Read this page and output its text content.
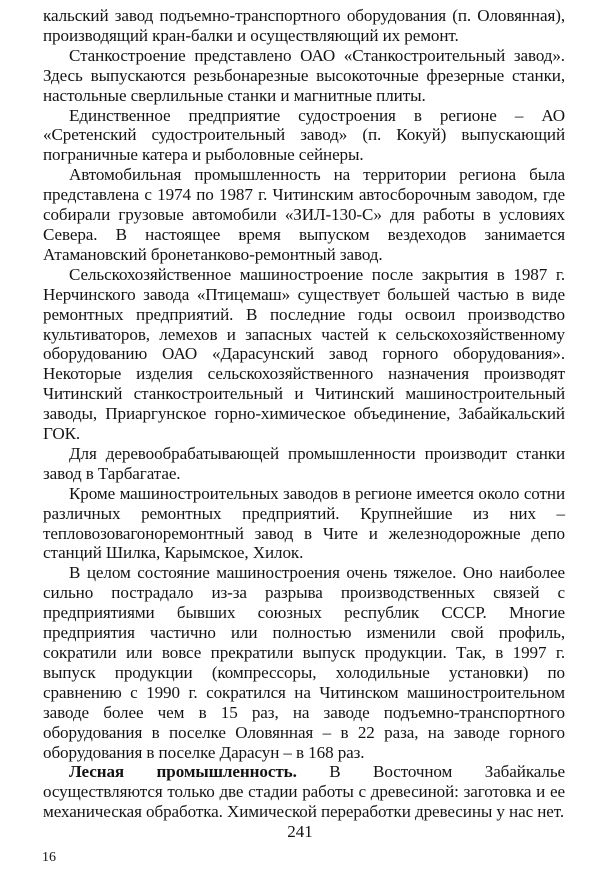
кальский завод подъемно-транспортного оборудования (п. Оловянная), производящий кран-балки и осуществляющий их ремонт.

Станкостроение представлено ОАО «Станкостроительный завод». Здесь выпускаются резьбонарезные высокоточные фрезерные станки, настольные сверлильные станки и магнитные плиты.

Единственное предприятие судостроения в регионе – АО «Сретенский судостроительный завод» (п. Кокуй) выпускающий пограничные катера и рыболовные сейнеры.

Автомобильная промышленность на территории региона была представлена с 1974 по 1987 г. Читинским автосборочным заводом, где собирали грузовые автомобили «ЗИЛ-130-С» для работы в условиях Севера. В настоящее время выпуском вездеходов занимается Атамановский бронетанково-ремонтный завод.

Сельскохозяйственное машиностроение после закрытия в 1987 г. Нерчинского завода «Птицемаш» существует большей частью в виде ремонтных предприятий. В последние годы освоил производство культиваторов, лемехов и запасных частей к сельскохозяйственному оборудованию ОАО «Дарасунский завод горного оборудования». Некоторые изделия сельскохозяйственного назначения производят Читинский станкостроительный и Читинский машиностроительный заводы, Приаргунское горно-химическое объединение, Забайкальский ГОК.

Для деревообрабатывающей промышленности производит станки завод в Тарбагатае.

Кроме машиностроительных заводов в регионе имеется около сотни различных ремонтных предприятий. Крупнейшие из них – тепловозовагоноремонтный завод в Чите и железнодорожные депо станций Шилка, Карымское, Хилок.

В целом состояние машиностроения очень тяжелое. Оно наиболее сильно пострадало из-за разрыва производственных связей с предприятиями бывших союзных республик СССР. Многие предприятия частично или полностью изменили свой профиль, сократили или вовсе прекратили выпуск продукции. Так, в 1997 г. выпуск продукции (компрессоры, холодильные установки) по сравнению с 1990 г. сократился на Читинском машиностроительном заводе более чем в 15 раз, на заводе подъемно-транспортного оборудования в поселке Оловянная – в 22 раза, на заводе горного оборудования в поселке Дарасун – в 168 раз.

Лесная промышленность. В Восточном Забайкалье осуществляются только две стадии работы с древесиной: заготовка и ее механическая обработка. Химической переработки древесины у нас нет.

241
16
